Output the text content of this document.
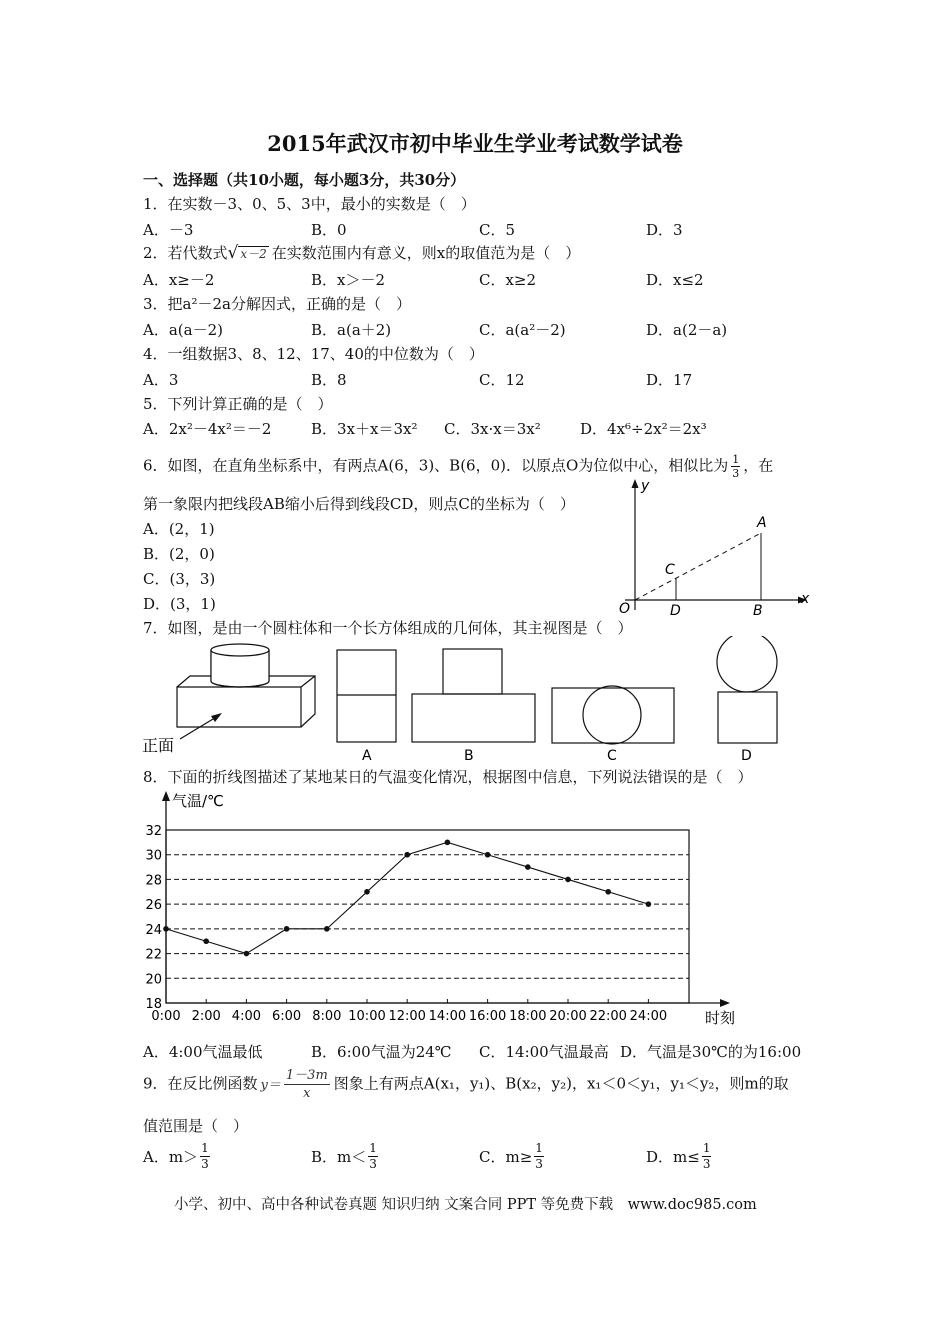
2015年武汉市初中毕业生学业考试数学试卷
一、选择题（共10小题，每小题3分，共30分）
1．在实数－3、0、5、3中，最小的实数是（　）
A．－3	B．0	C．5	D．3
2．若代数式√ x－2 在实数范围内有意义，则x的取值范为是（　）
A．x≥－2	B．x＞－2	C．x≥2	D．x≤2
3．把a²－2a分解因式，正确的是（　）
A．a(a－2)	B．a(a＋2)	C．a(a²－2)	D．a(2－a)
4．一组数据3、8、12、17、40的中位数为（　）
A．3	B．8	C．12	D．17
5．下列计算正确的是（　）
A．2x²－4x²＝－2	B．3x＋x＝3x² C．3x·x＝3x²	D．4x⁶÷2x²＝2x³
6．如图，在直角坐标系中，有两点A(6，3)、B(6，0)．以原点O为位似中心，相似比为 $\frac{1}{3}$ ，在
第一象限内把线段AB缩小后得到线段CD，则点C的坐标为（　）
A．(2，1)
B．(2，0)
C．(3，3)
D．(3，1)
y
x
A
B
C
D
O
7．如图，是由一个圆柱体和一个长方体组成的几何体，其主视图是（　）
正面
A	B	C	D
8．下面的折线图描述了某地某日的气温变化情况，根据图中信息，下列说法错误的是（　）
18
20
22
24
26
28
30
32
0:00 2:00 4:00 6:00 8:00 10:00 12:00 14:00 16:00 18:00 20:00 22:00 24:00
气温/℃
时刻
A．4:00气温最低	B．6:00气温为24℃ C．14:00气温最高 D．气温是30℃的为16:00
9．在反比例函数 $y= \frac{1-3m}{x}$ 图象上有两点A(x₁，y₁)、B(x₂，y₂)，x₁＜0＜y₁，y₁＜y₂，则m的取
值范围是（　）
A．$m> \frac{1}{3}$	B．$m< \frac{1}{3}$	C．$m\ge \frac{1}{3}$	D．$m\le \frac{1}{3}$
小学、初中、高中各种试卷真题 知识归纳 文案合同 PPT 等免费下载　www.doc985.com
